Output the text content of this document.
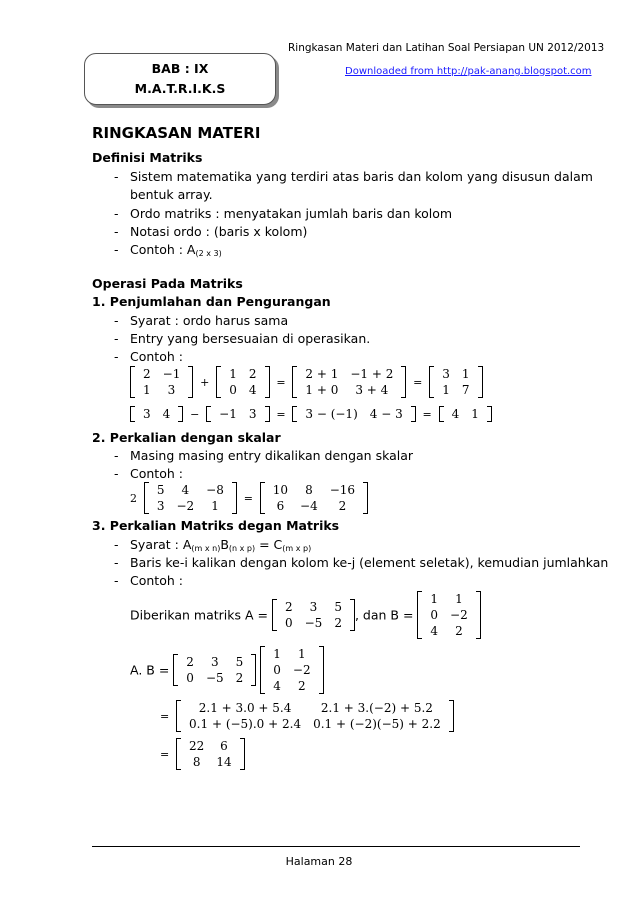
Ringkasan Materi dan Latihan Soal Persiapan UN 2012/2013
Downloaded from http://pak-anang.blogspot.com
BAB : IX
M.A.T.R.I.K.S
RINGKASAN MATERI
Definisi Matriks
- Sistem matematika yang terdiri atas baris dan kolom yang disusun dalam
bentuk array.
- Ordo matriks : menyatakan jumlah baris dan kolom
- Notasi ordo : (baris x kolom)
- Contoh : $A_{(2 x 3)}$
Operasi Pada Matriks
1. Penjumlahan dan Pengurangan
- Syarat : ordo harus sama
- Entry yang bersesuaian di operasikan.
- Contoh :
2	−1
1	3
+
1	2
0	4
=
2 + 1	−1 + 2
1 + 0	3 + 4
=
3	1
1	7
3	4 − −1	3 = 3 − (−1)	4 − 3 = 4	1
2. Perkalian dengan skalar
- Masing masing entry dikalikan dengan skalar
- Contoh :
2
5	4	−8
3	−2	1
=
10	8	−16
6	−4	2
3. Perkalian Matriks degan Matriks
- Syarat : $A_{(m x n)}B_{(n x p)} = C_{(m x p)}$
- Baris ke-i kalikan dengan kolom ke-j (element seletak), kemudian jumlahkan
- Contoh :
Diberikan matriks A =
2	3	5
0	−5	2
, dan B =
1	1
0	−2
4	2
A. B =
2	3	5
0	−5	2

1	1
0	−2
4	2
=
2.1 + 3.0 + 5.4	2.1 + 3.(−2) + 5.2
0.1 + (−5).0 + 2.4	0.1 + (−2)(−5) + 2.2
=
22	6
8	14
Halaman 28
